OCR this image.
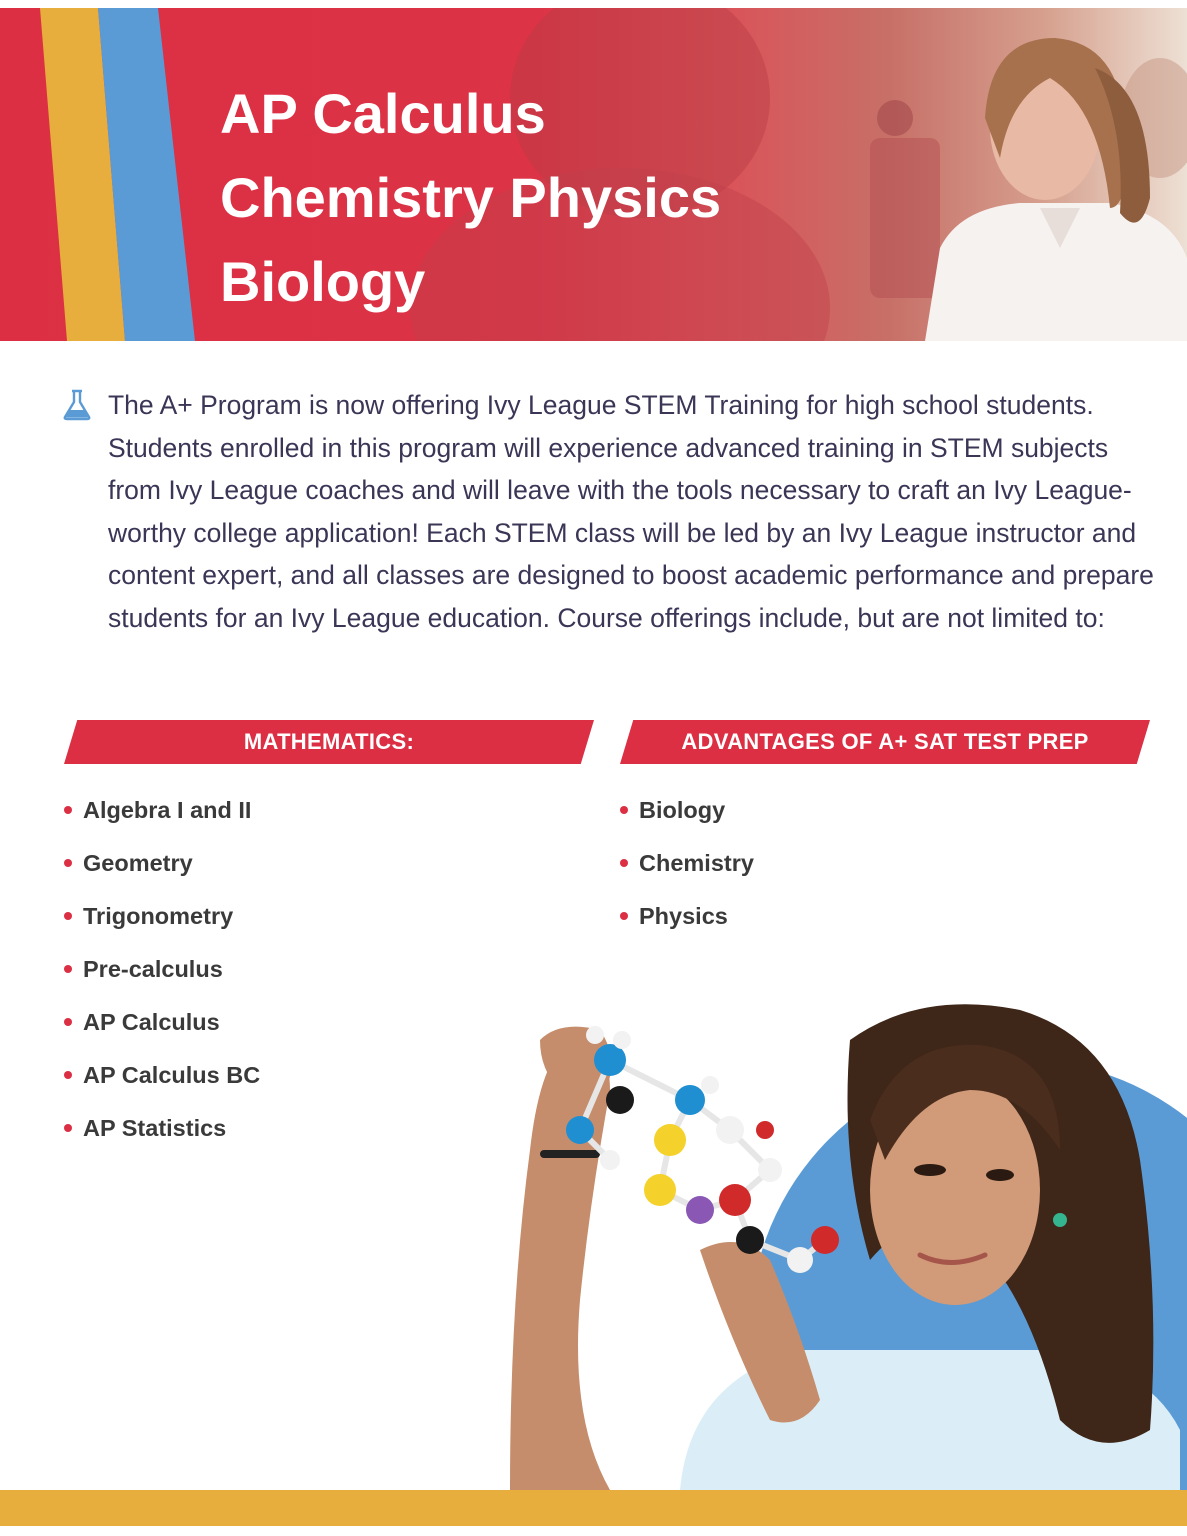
AP Calculus
Chemistry Physics
Biology

The A+ Program is now offering Ivy League STEM Training for high school students. Students enrolled in this program will experience advanced training in STEM subjects from Ivy League coaches and will leave with the tools necessary to craft an Ivy League-worthy college application! Each STEM class will be led by an Ivy League instructor and content expert, and all classes are designed to boost academic performance and prepare students for an Ivy League education. Course offerings include, but are not limited to:

MATHEMATICS:	ADVANTAGES OF A+ SAT TEST PREP
Algebra I and II
Geometry
Trigonometry
Pre-calculus
AP Calculus
AP Calculus BC
AP Statistics
Biology
Chemistry
Physics
